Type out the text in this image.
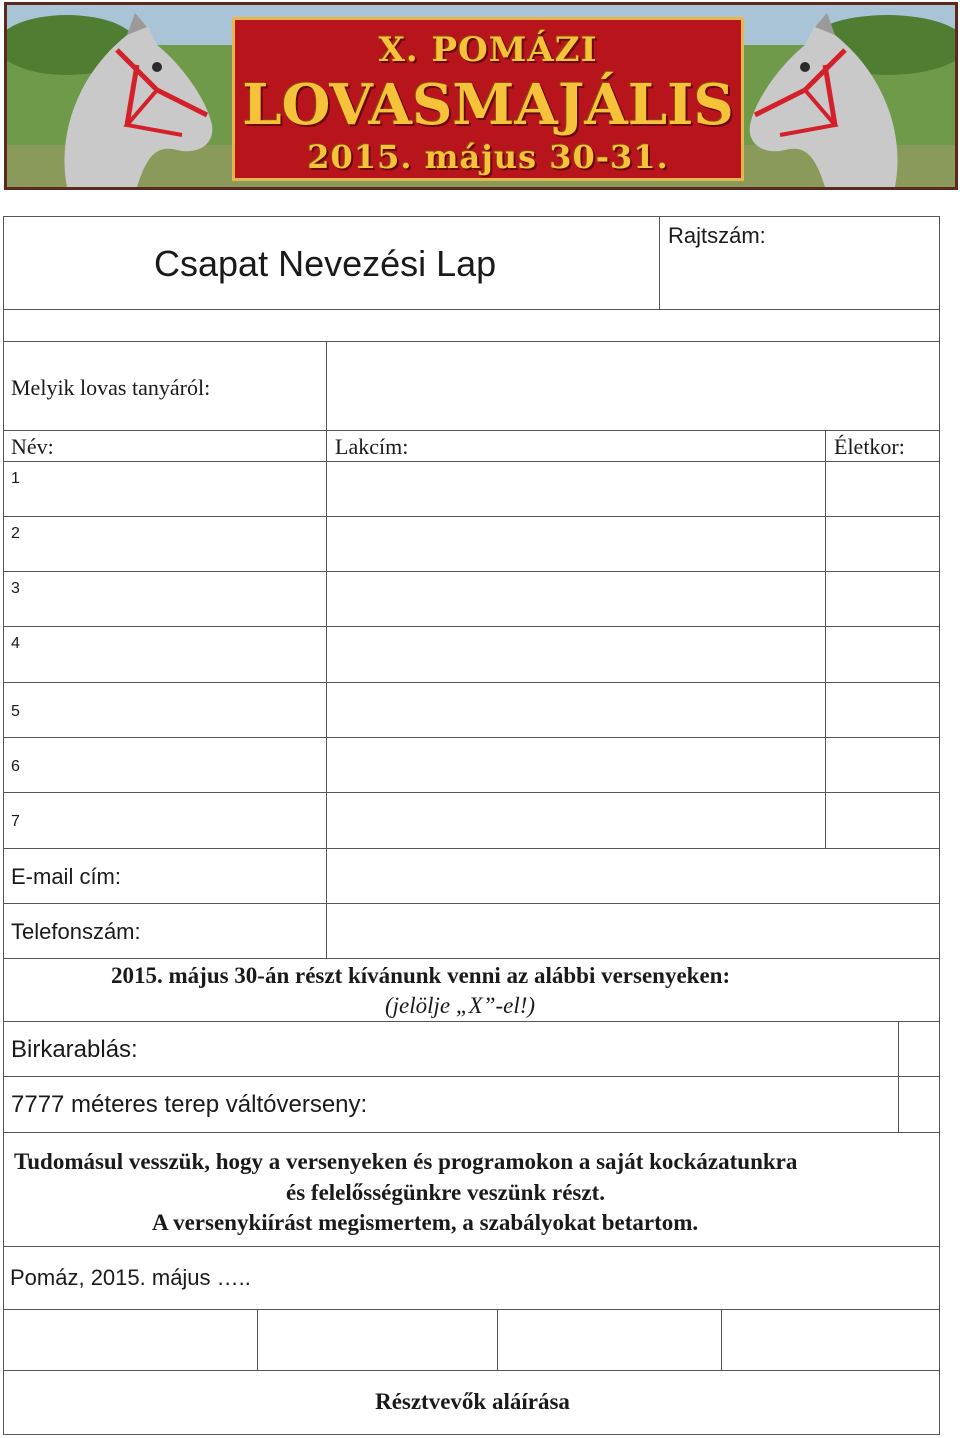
X. POMÁZI
LOVASMAJÁLIS
2015. május 30-31.
Csapat Nevezési Lap
Rajtszám:
Melyik lovas tanyáról:
Név:	Lakcím:	Életkor:
1
2
3
4
5
6
7
E-mail cím:
Telefonszám:
2015. május 30-án részt kívánunk venni az alábbi versenyeken:
(jelölje „X”-el!)
Birkarablás:
7777 méteres terep váltóverseny:
Tudomásul vesszük, hogy a versenyeken és programokon a saját kockázatunkra
és felelősségünkre veszünk részt.
A versenykiírást megismertem, a szabályokat betartom.
Pomáz, 2015. május …..
Résztvevők aláírása
